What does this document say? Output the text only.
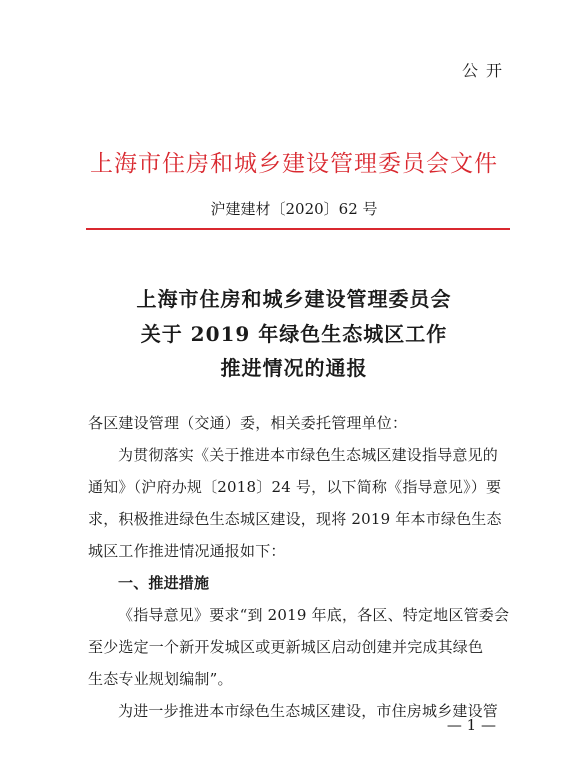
公开
上海市住房和城乡建设管理委员会文件
沪建建材〔2020〕62 号
上海市住房和城乡建设管理委员会
关于 2019 年绿色生态城区工作
推进情况的通报
各区建设管理（交通）委，相关委托管理单位：
为贯彻落实《关于推进本市绿色生态城区建设指导意见的
通知》（沪府办规〔2018〕24 号，以下简称《指导意见》）要
求，积极推进绿色生态城区建设，现将 2019 年本市绿色生态
城区工作推进情况通报如下：
一、推进措施
《指导意见》要求“到 2019 年底，各区、特定地区管委会
至少选定一个新开发城区或更新城区启动创建并完成其绿色
生态专业规划编制”。
为进一步推进本市绿色生态城区建设，市住房城乡建设管
— 1 —
